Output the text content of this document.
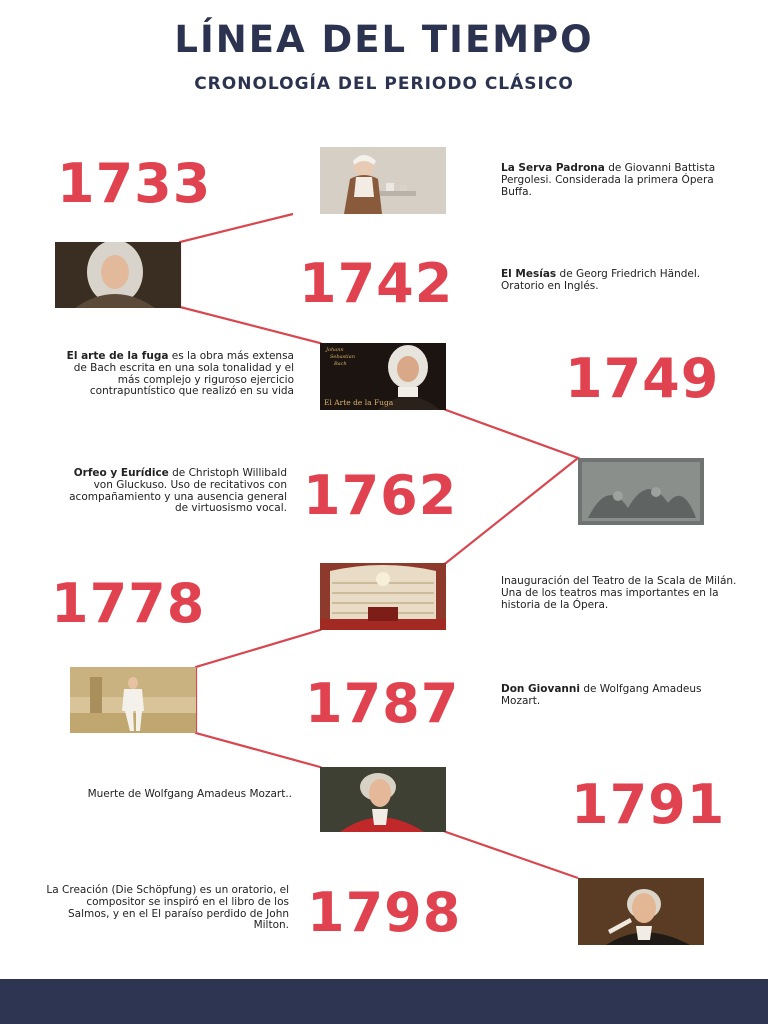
LÍNEA DEL TIEMPO
CRONOLOGÍA DEL PERIODO CLÁSICO
1733	La Serva Padrona de Giovanni Battista Pergolesi. Considerada la primera Ópera Buffa.
1742	El Mesías de Georg Friedrich Händel. Oratorio en Inglés.
El arte de la fuga es la obra más extensa de Bach escrita en una sola tonalidad y el más complejo y riguroso ejercicio contrapuntístico que realizó en su vida
Johann
Sebastian
Bach
El Arte de la Fuga	1749
Orfeo y Eurídice de Christoph Willibald von Gluckuso. Uso de recitativos con acompañamiento y una ausencia general de virtuosismo vocal. 1762
1778	Inauguración del Teatro de la Scala de Milán. Una de los teatros mas importantes en la historia de la Ópera.
1787	Don Giovanni de Wolfgang Amadeus Mozart.
Muerte de Wolfgang Amadeus Mozart..	1791
La Creación (Die Schöpfung) es un oratorio, el compositor se inspiró en el libro de los Salmos, y en el El paraíso perdido de John Milton. 1798
